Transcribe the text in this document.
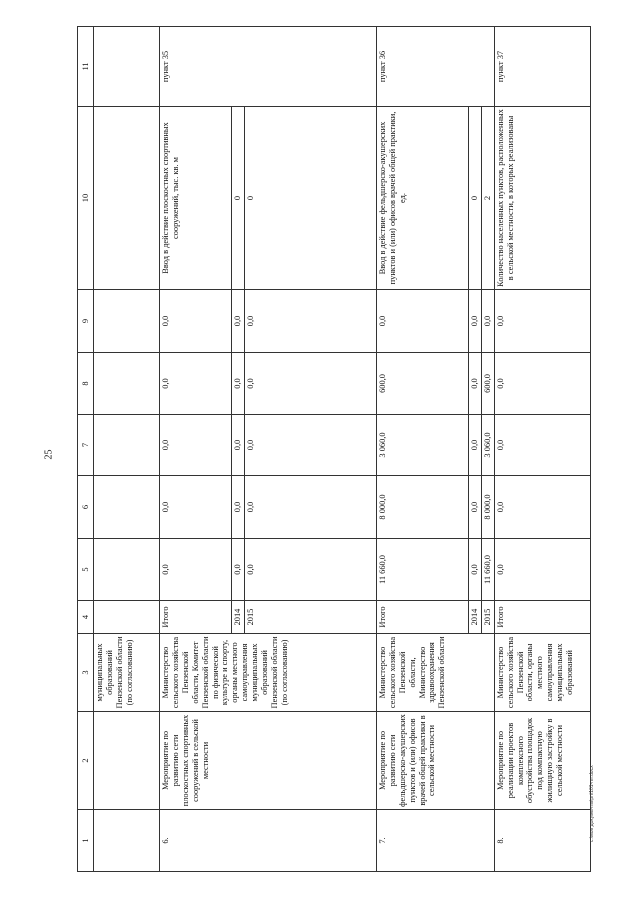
25
1	2	3	4	5	6	7	8	9	10	11
		муниципальных образований Пензенской области (по согласованию)								
6.	Мероприятие по развитию сети плоскостных спортивных сооружений в сельской местности	Министерство сельского хозяйства Пензенской области, Комитет Пензенской области по физической культуре и спорту, органы местного самоуправления муниципальных образований Пензенской области (по согласованию)	Итого	0,0	0,0	0,0	0,0	0,0	Ввод в действие плоскостных спортивных сооружений, тыс. кв. м	пункт 35
			2014	0,0	0,0	0,0	0,0	0,0	0	
			2015	0,0	0,0	0,0	0,0	0,0	0	
7.	Мероприятие по развитию сети фельдшерско-акушерских пунктов и (или) офисов врачей общей практики в сельской местности	Министерство сельского хозяйства Пензенской области, Министерство здравоохранения Пензенской области	Итого	11 660,0	8 000,0	3 060,0	600,0	0,0	Ввод в действие фельдшерско-акушерских пунктов и (или) офисов врачей общей практики, ед.	пункт 36
			2014	0,0	0,0	0,0	0,0	0,0	0	
			2015	11 660,0	8 000,0	3 060,0	600,0	0,0	2	
8.	Мероприятие по реализации проектов комплексного обустройства площадок под компактную жилищную застройку в сельской местности	Министерство сельского хозяйства Пензенской области, органы местного самоуправления муниципальных образований	Итого	0,0	0,0	0,0	0,0	0,0	Количество населенных пунктов, расположенных в сельской местности, в которых реализованы	пункт 37
c:\мои документы\рп\101-пп.docx
